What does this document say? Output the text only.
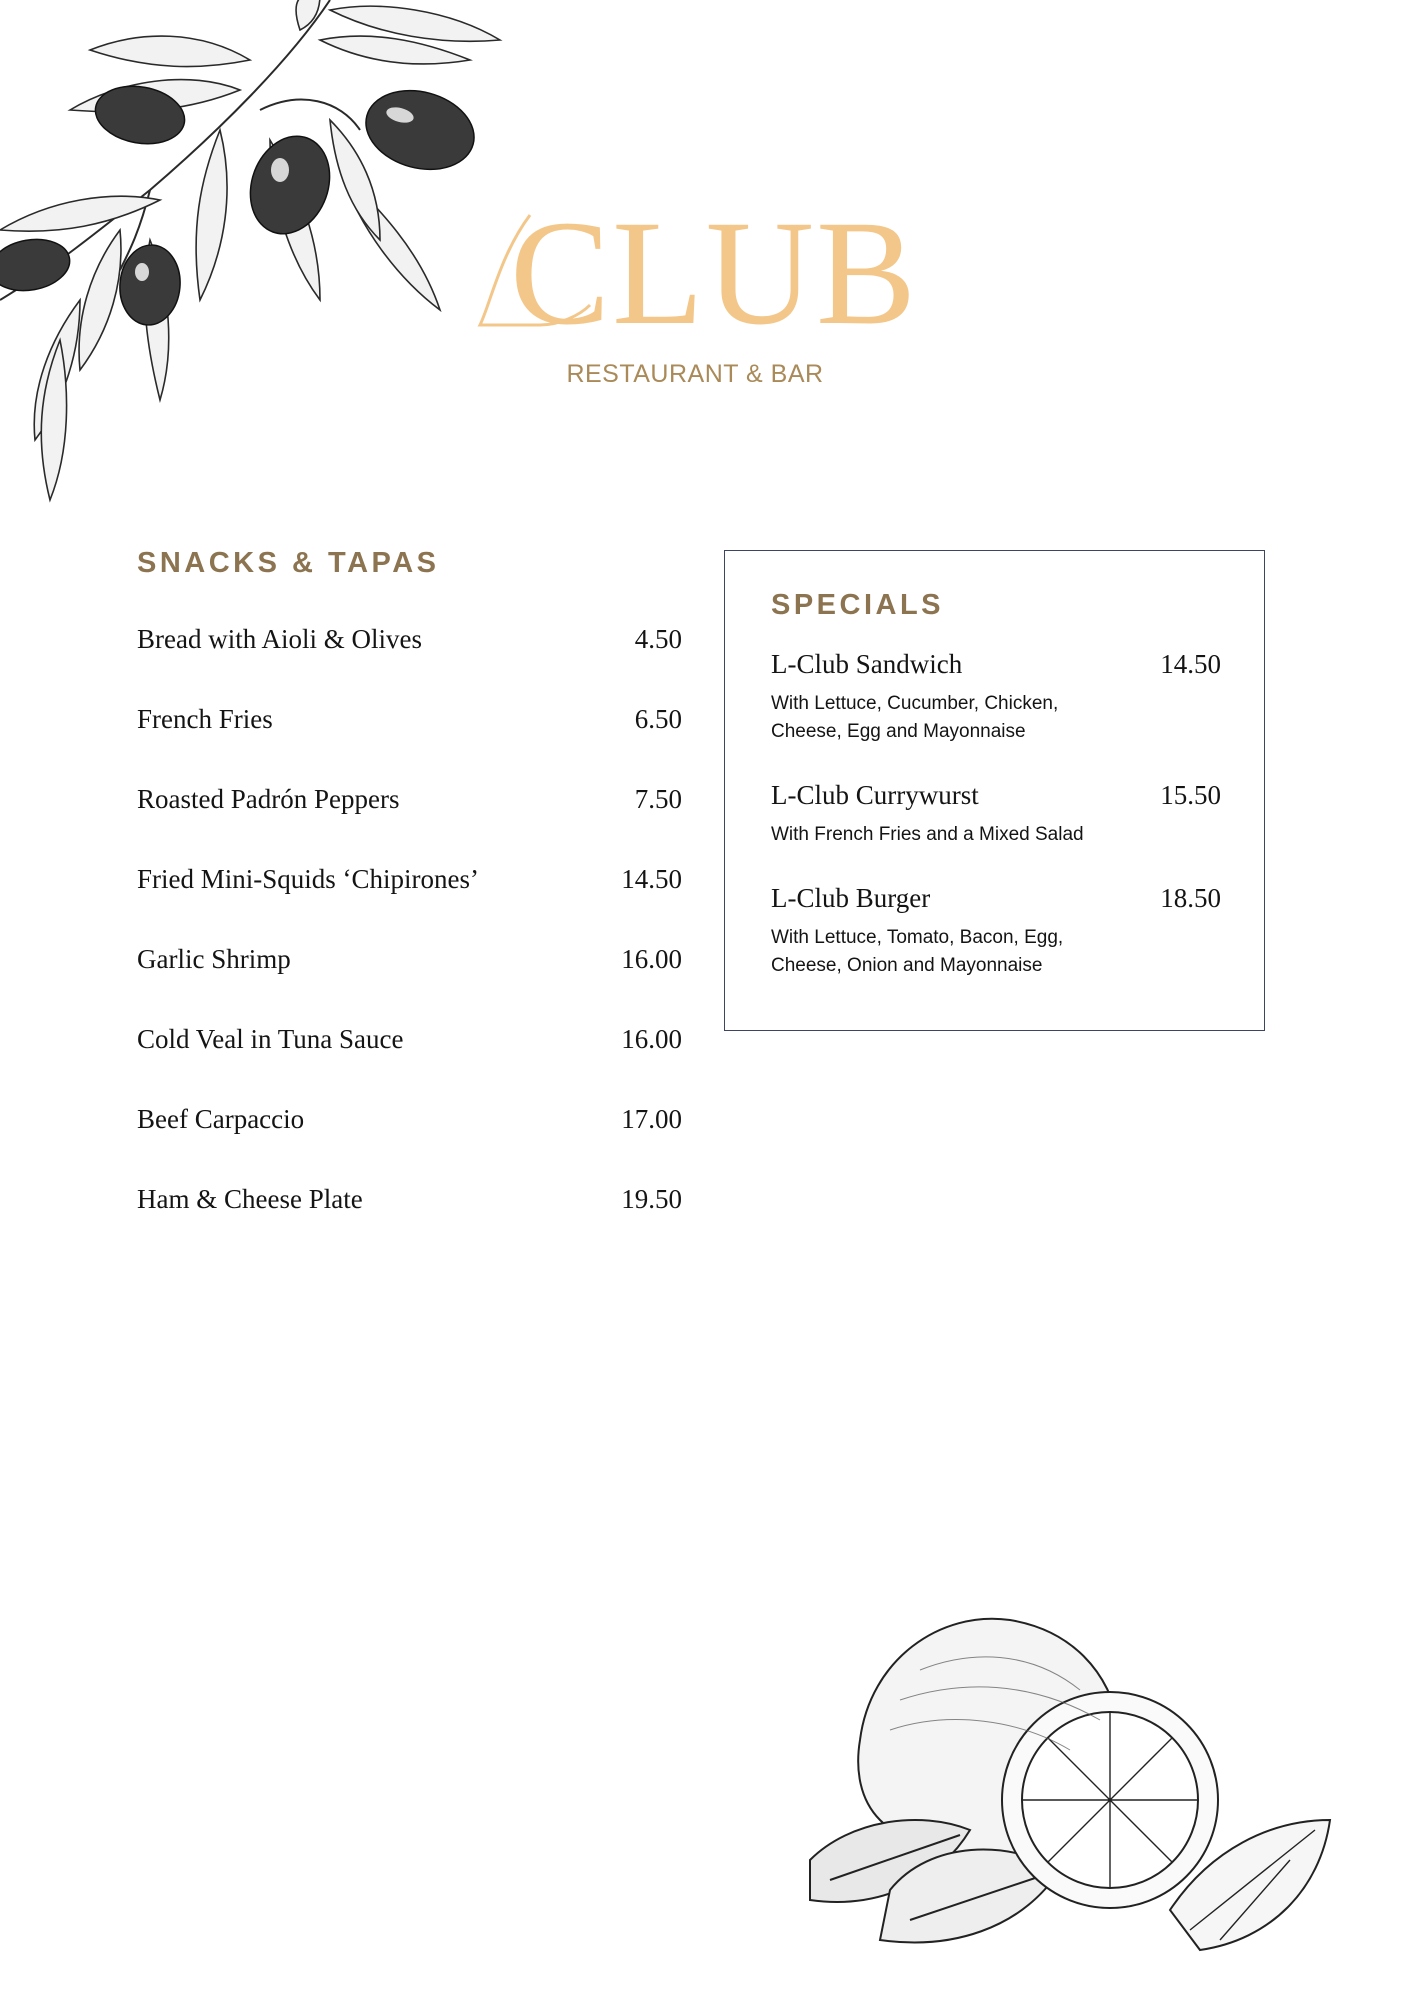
CLUB
RESTAURANT & BAR
SNACKS & TAPAS
Bread with Aioli & Olives	4.50
French Fries	6.50
Roasted Padrón Peppers	7.50
Fried Mini-Squids ‘Chipirones’	14.50
Garlic Shrimp	16.00
Cold Veal in Tuna Sauce	16.00
Beef Carpaccio	17.00
Ham & Cheese Plate	19.50
SPECIALS
L-Club Sandwich	14.50
With Lettuce, Cucumber, Chicken, Cheese, Egg and Mayonnaise
L-Club Currywurst	15.50
With French Fries and a Mixed Salad
L-Club Burger	18.50
With Lettuce, Tomato, Bacon, Egg, Cheese, Onion and Mayonnaise
